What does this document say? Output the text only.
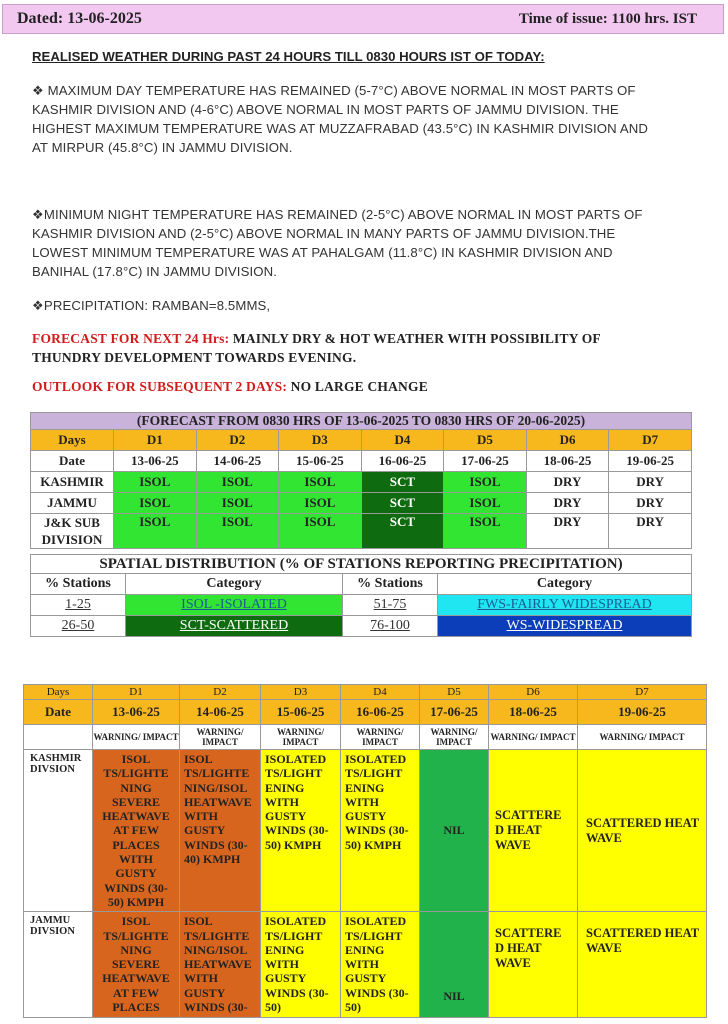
Dated: 13-06-2025	Time of issue: 1100 hrs. IST
REALISED WEATHER DURING PAST 24 HOURS TILL 0830 HOURS IST OF TODAY:
❖ MAXIMUM DAY TEMPERATURE HAS REMAINED (5-7°C) ABOVE NORMAL IN MOST PARTS OF KASHMIR DIVISION AND (4-6°C) ABOVE NORMAL IN MOST PARTS OF JAMMU DIVISION. THE HIGHEST MAXIMUM TEMPERATURE WAS AT MUZZAFRABAD (43.5°C) IN KASHMIR DIVISION AND AT MIRPUR (45.8°C) IN JAMMU DIVISION.
❖MINIMUM NIGHT TEMPERATURE HAS REMAINED (2-5°C) ABOVE NORMAL IN MOST PARTS OF KASHMIR DIVISION AND (2-5°C) ABOVE NORMAL IN MANY PARTS OF JAMMU DIVISION.THE LOWEST MINIMUM TEMPERATURE WAS AT PAHALGAM (11.8°C) IN KASHMIR DIVISION AND BANIHAL (17.8°C) IN JAMMU DIVISION.
❖PRECIPITATION: RAMBAN=8.5MMS,
FORECAST FOR NEXT 24 Hrs: MAINLY DRY & HOT WEATHER WITH POSSIBILITY OF THUNDRY DEVELOPMENT TOWARDS EVENING.
OUTLOOK FOR SUBSEQUENT 2 DAYS: NO LARGE CHANGE
(FORECAST FROM 0830 HRS OF 13-06-2025 TO 0830 HRS OF 20-06-2025)							
Days	D1	D2	D3	D4	D5	D6	D7
Date	13-06-25	14-06-25	15-06-25	16-06-25	17-06-25	18-06-25	19-06-25
KASHMIR	ISOL	ISOL	ISOL	SCT	ISOL	DRY	DRY
JAMMU	ISOL	ISOL	ISOL	SCT	ISOL	DRY	DRY
J&K SUB DIVISION	ISOL	ISOL	ISOL	SCT	ISOL	DRY	DRY
SPATIAL DISTRIBUTION (% OF STATIONS REPORTING PRECIPITATION)			
% Stations	Category	% Stations	Category
1-25	ISOL -ISOLATED	51-75	FWS-FAIRLY WIDESPREAD
26-50	SCT-SCATTERED	76-100	WS-WIDESPREAD
Days	D1	D2	D3	D4	D5	D6	D7
Date	13-06-25	14-06-25	15-06-25	16-06-25	17-06-25	18-06-25	19-06-25
	WARNING/ IMPACT	WARNING/ IMPACT	WARNING/ IMPACT	WARNING/ IMPACT	WARNING/ IMPACT	WARNING/ IMPACT	WARNING/ IMPACT
KASHMIR DIVSION	ISOL TS/LIGHTE NING SEVERE HEATWAVE AT FEW PLACES WITH GUSTY WINDS (30-50) KMPH	ISOL TS/LIGHTE NING/ISOL HEATWAVE WITH GUSTY WINDS (30-40) KMPH	ISOLATED TS/LIGHT ENING WITH GUSTY WINDS (30-50) KMPH	ISOLATED TS/LIGHT ENING WITH GUSTY WINDS (30-50) KMPH	NIL	SCATTERE D HEAT WAVE	SCATTERED HEAT WAVE
JAMMU DIVSION	ISOL TS/LIGHTE NING SEVERE HEATWAVE AT FEW PLACES	ISOL TS/LIGHTE NING/ISOL HEATWAVE WITH GUSTY WINDS (30-	ISOLATED TS/LIGHT ENING WITH GUSTY WINDS (30-50)	ISOLATED TS/LIGHT ENING WITH GUSTY WINDS (30-50)	NIL	SCATTERE D HEAT WAVE	SCATTERED HEAT WAVE
